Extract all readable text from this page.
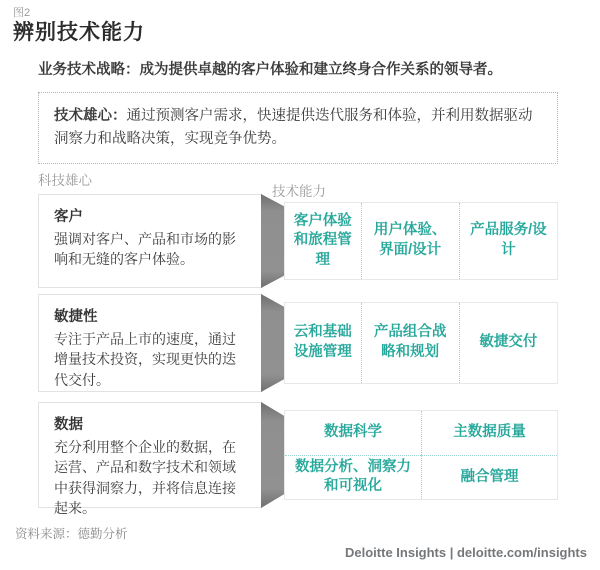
图2
辨别技术能力
业务技术战略：成为提供卓越的客户体验和建立终身合作关系的领导者。
技术雄心：通过预测客户需求，快速提供迭代服务和体验，并利用数据驱动洞察力和战略决策，实现竞争优势。
科技雄心
技术能力
客户
强调对客户、产品和市场的影响和无缝的客户体验。
客户体验和旅程管理
用户体验、界面/设计
产品服务/设计
敏捷性
专注于产品上市的速度，通过增量技术投资，实现更快的迭代交付。
云和基础设施管理
产品组合战略和规划
敏捷交付
数据
充分利用整个企业的数据，在运营、产品和数字技术和领域中获得洞察力，并将信息连接起来。
数据科学	主数据质量
数据分析、洞察力和可视化
融合管理
资料来源：德勤分析
Deloitte Insights | deloitte.com/insights
